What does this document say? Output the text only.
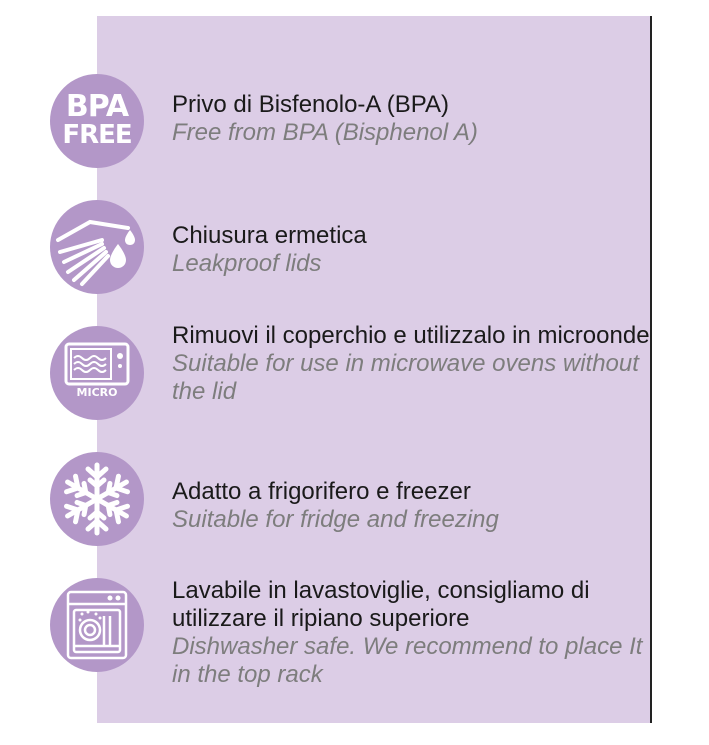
BPA
FREE
Privo di Bisfenolo-A (BPA)
Free from BPA (Bisphenol A)
Chiusura ermetica
Leakproof lids
MICRO
Rimuovi il coperchio e utilizzalo in microonde
Suitable for use in microwave ovens without the lid
Adatto a frigorifero e freezer
Suitable for fridge and freezing
Lavabile in lavastoviglie, consigliamo di utilizzare il ripiano superiore
Dishwasher safe. We recommend to place It in the top rack
